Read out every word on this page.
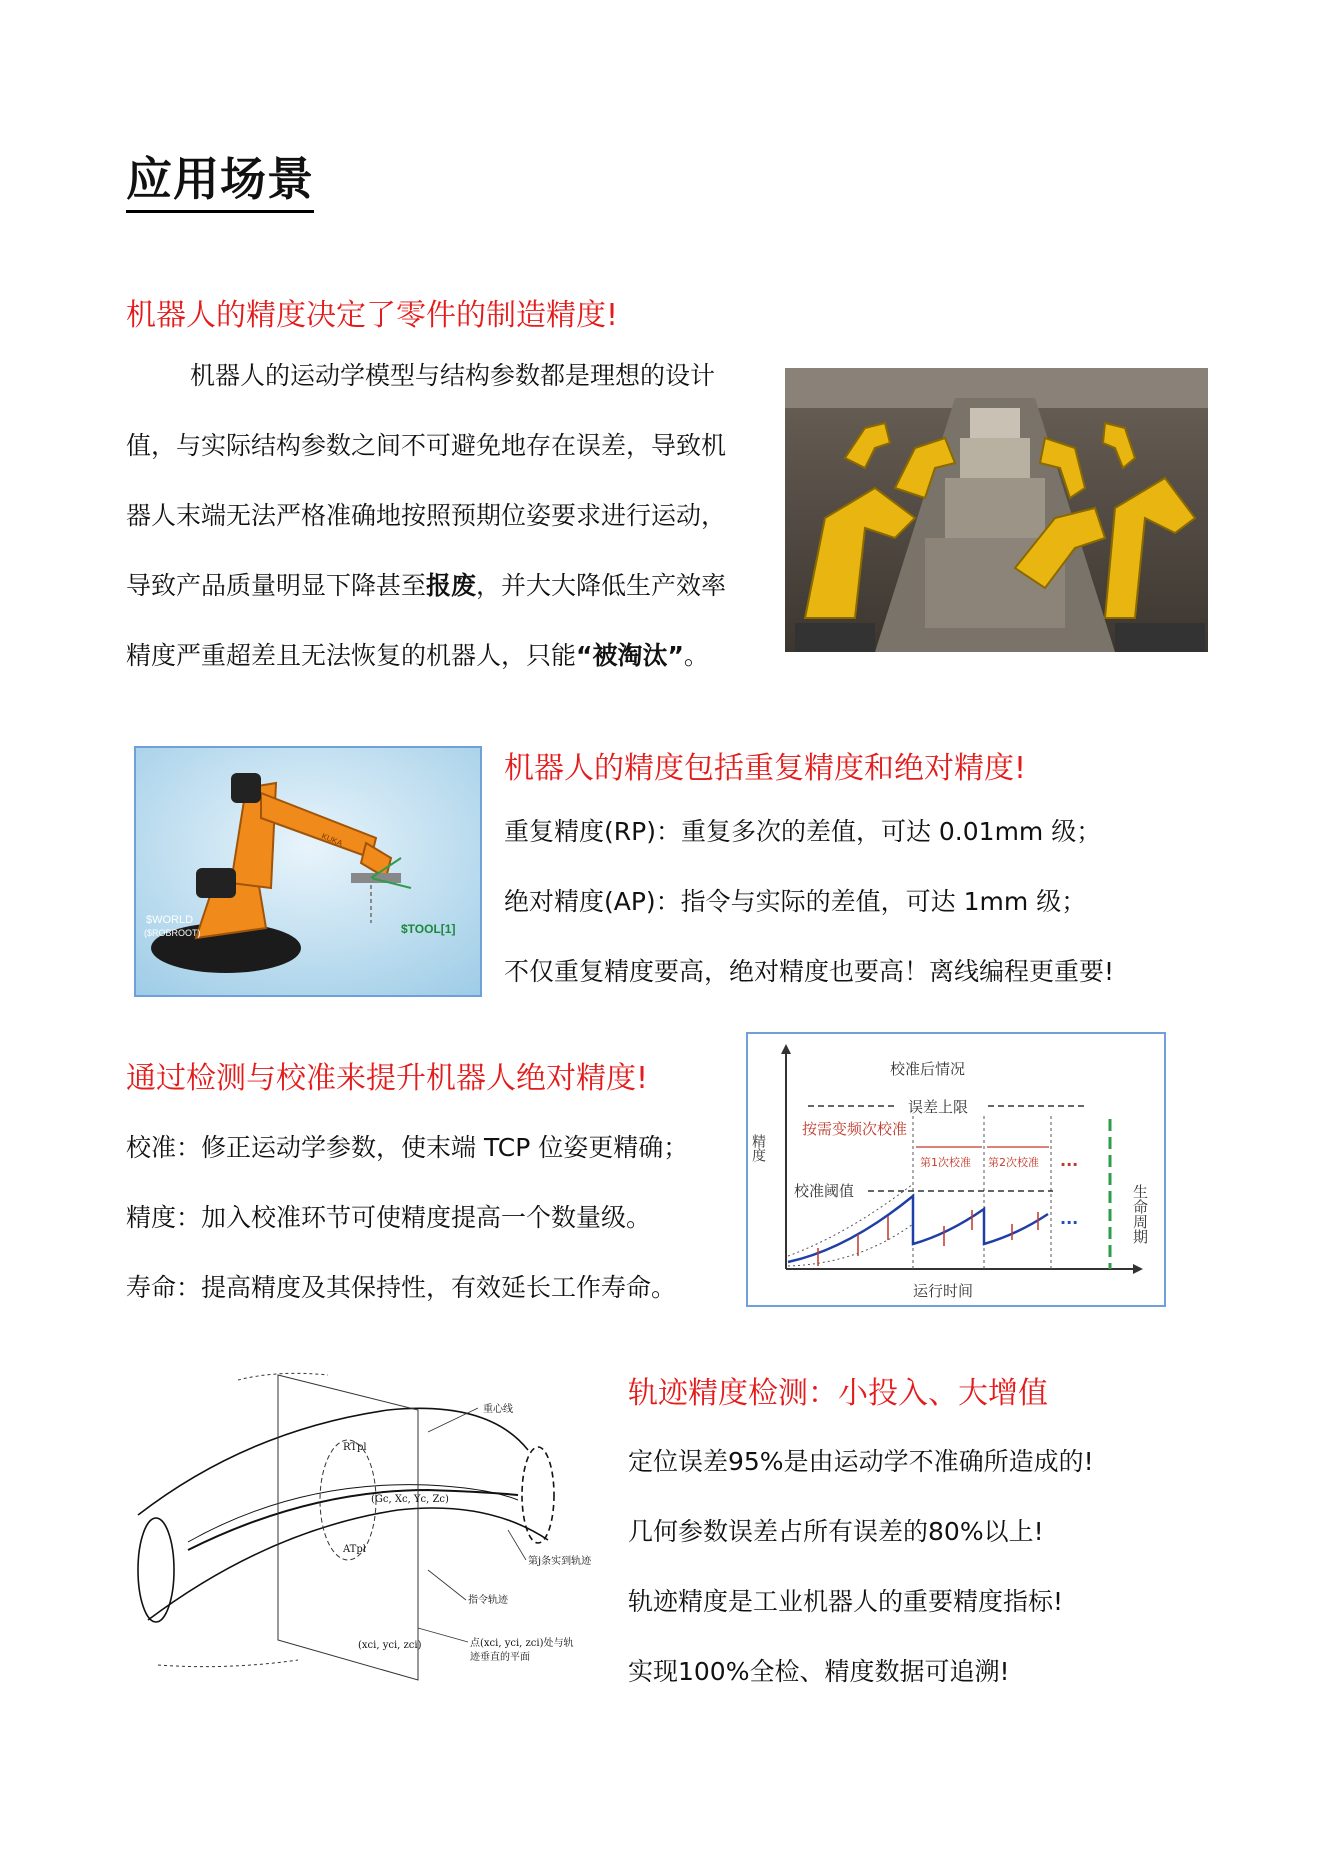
应用场景
机器人的精度决定了零件的制造精度!
机器人的运动学模型与结构参数都是理想的设计
值，与实际结构参数之间不可避免地存在误差，导致机
器人末端无法严格准确地按照预期位姿要求进行运动，
导致产品质量明显下降甚至报废，并大大降低生产效率
精度严重超差且无法恢复的机器人，只能“被淘汰”。
$TOOL[1]
$WORLD
($ROBROOT)
KUKA
机器人的精度包括重复精度和绝对精度!
重复精度(RP)：重复多次的差值，可达 0.01mm 级；
绝对精度(AP)：指令与实际的差值，可达 1mm 级；
不仅重复精度要高，绝对精度也要高！离线编程更重要!
通过检测与校准来提升机器人绝对精度!
校准：修正运动学参数，使末端 TCP 位姿更精确；
精度：加入校准环节可使精度提高一个数量级。
寿命：提高精度及其保持性，有效延长工作寿命。
校准后情况
误差上限
按需变频次校准
第1次校准 第2次校准 ...
校准阈值
精度
运行时间
生命周期
...
重心线
RTpl
ATpl
(Gc, Xc, Yc, Zc)
第j条实到轨迹
指令轨迹
(xci, yci, zci)	点(xci, yci, zci)处与轨
迹垂直的平面
轨迹精度检测：小投入、大增值
定位误差95%是由运动学不准确所造成的!
几何参数误差占所有误差的80%以上!
轨迹精度是工业机器人的重要精度指标!
实现100%全检、精度数据可追溯!
